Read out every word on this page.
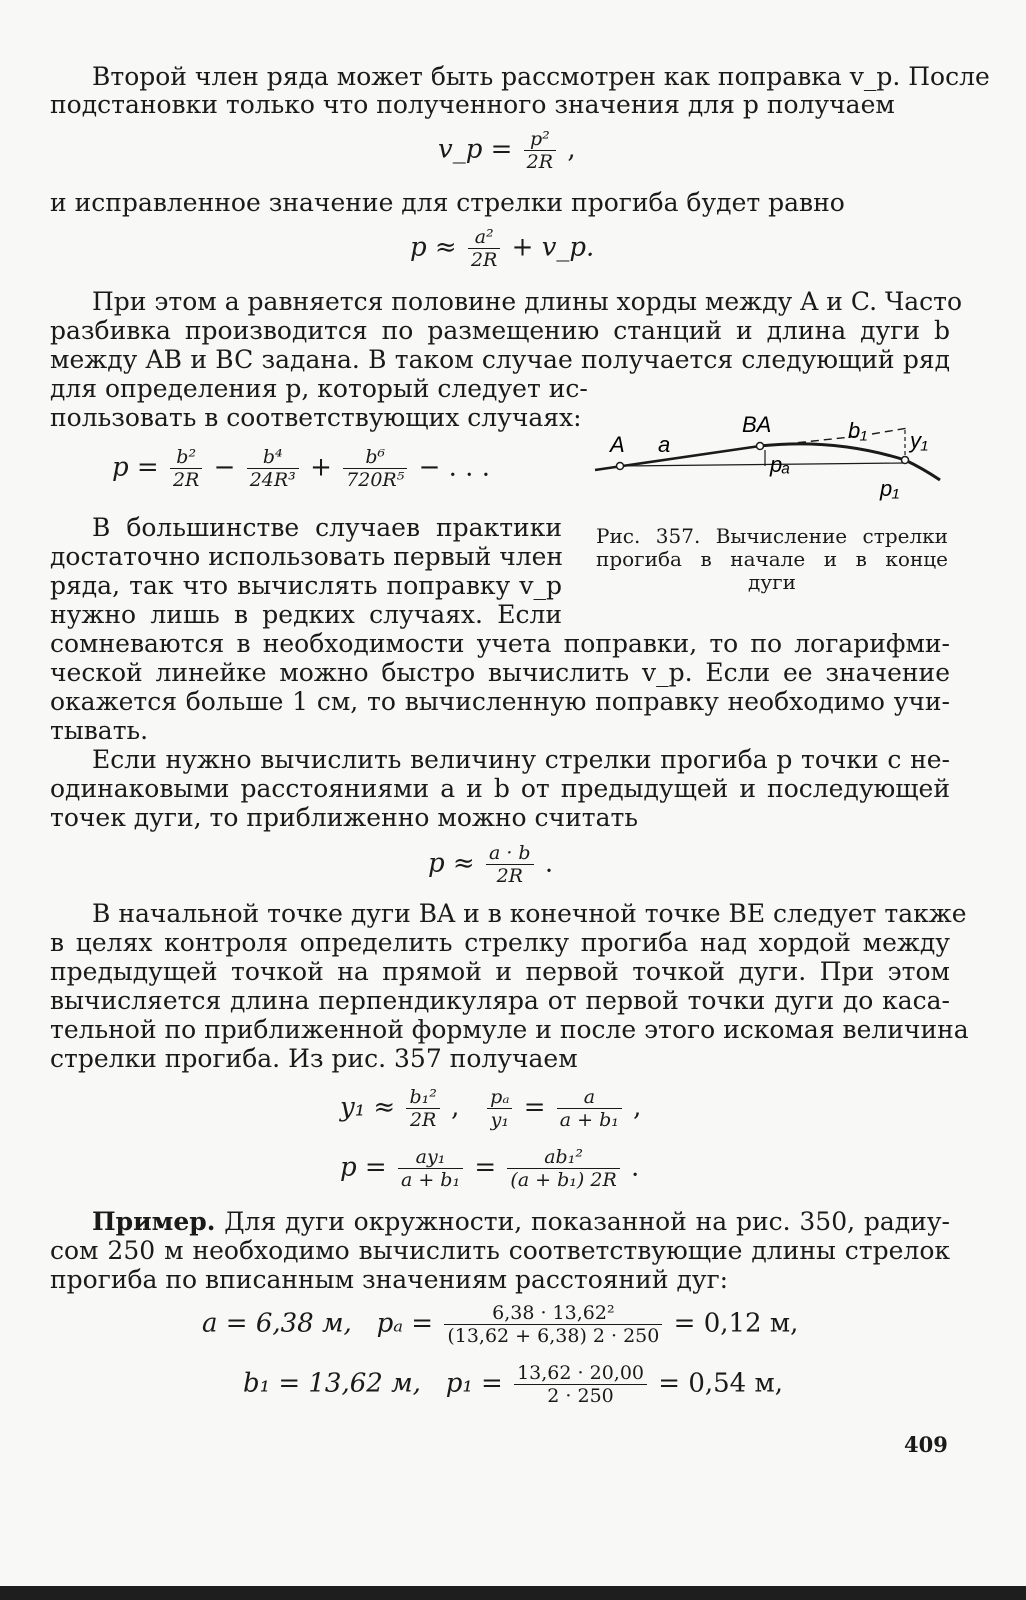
Второй член ряда может быть рассмотрен как поправка v_p. После
подстановки только что полученного значения для p получаем
v_p = $\frac{\text{p²}}{2R}$ ,
и исправленное значение для стрелки прогиба будет равно
$p \approx \frac{\text{a²}}{2R}$ + v_p.
При этом a равняется половине длины хорды между A и C. Часто
разбивка производится по размещению станций и длина дуги b
между AB и BC задана. В таком случае получается следующий ряд
для определения p, который следует ис-
пользовать в соответствующих случаях:
$p = \frac{\text{b²}}{2R} - \frac{\text{b⁴}}{\text{24R³}} + \frac{\text{b⁶}}{\text{720R⁵}}$ − . . .
A a
BA	b₁ y₁
pₐ
p₁
Рис. 357. Вычисление стрелки
прогиба в начале и в конце
дуги
В большинстве случаев практики
достаточно использовать первый член
ряда, так что вычислять поправку v_p
нужно лишь в редких случаях. Если
сомневаются в необходимости учета поправки, то по логарифми-
ческой линейке можно быстро вычислить v_p. Если ее значение
окажется больше 1 см, то вычисленную поправку необходимо учи-
тывать.
Если нужно вычислить величину стрелки прогиба p точки с не-
одинаковыми расстояниями a и b от предыдущей и последующей
точек дуги, то приближенно можно считать
$p \approx \frac{a \cdot b}{2R}$ .
В начальной точке дуги BA и в конечной точке BE следует также
в целях контроля определить стрелку прогиба над хордой между
предыдущей точкой на прямой и первой точкой дуги. При этом
вычисляется длина перпендикуляра от первой точки дуги до каса-
тельной по приближенной формуле и после этого искомая величина
стрелки прогиба. Из рис. 357 получаем
$y_1 \approx \frac{\text{b₁²}}{2R}$ , $\frac{\text{pₐ}}{\text{y₁}} = \frac{a}{\text{a + b₁}}$ ,
$p = \frac{\text{ay₁}}{\text{a + b₁}} = \frac{\text{ab₁²}}{\text{(a + b₁) 2R}}$ .
Пример. Для дуги окружности, показанной на рис. 350, радиу-
сом 250 м необходимо вычислить соответствующие длины стрелок
прогиба по вписанным значениям расстояний дуг:
a = 6,38 м, $p_a = \frac{\text{6,38 · 13,62²}}{(13,62 + 6,38) 2 \cdot 250} = 0,12$ м,
b₁ = 13,62 м, $p_1 = \frac{13,62 \cdot 20,00}{2 \cdot 250} = 0,54$ м,
409
